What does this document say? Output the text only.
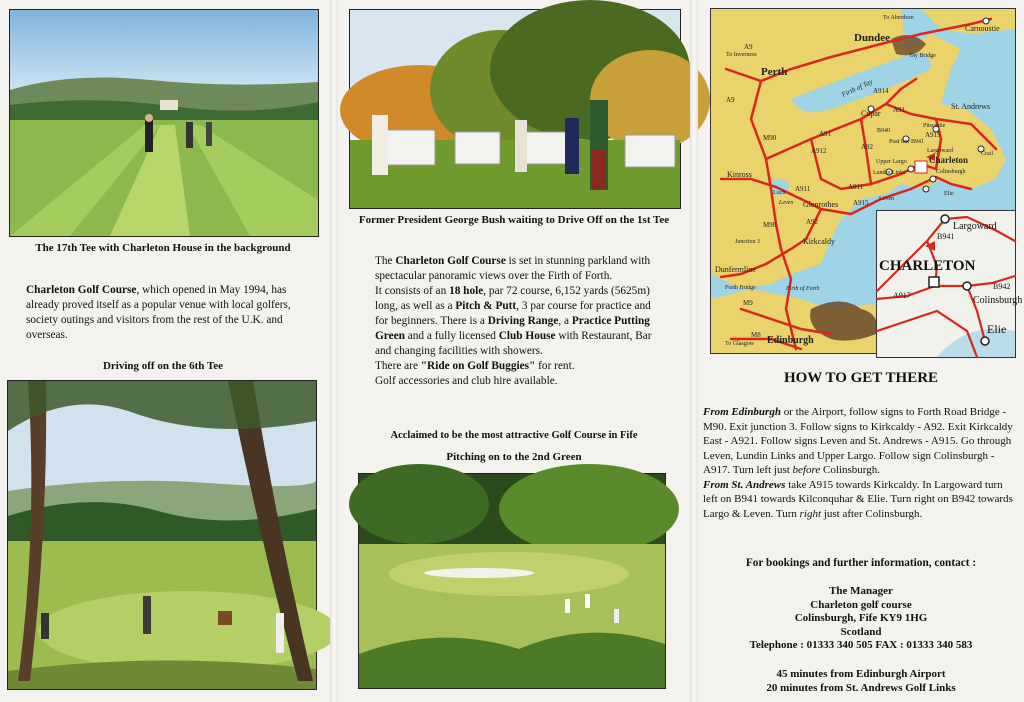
The 17th Tee with Charleton House in the background
Charleton Golf Course, which opened in May 1994, has already proved itself as a popular venue with local golfers, society outings and visitors from the rest of the U.K. and overseas.
Driving off on the 6th Tee
Former President George Bush waiting to Drive Off on the 1st Tee
The Charleton Golf Course is set in stunning parkland with spectacular panoramic views over the Firth of Forth.
It consists of an 18 hole, par 72 course, 6,152 yards (5625m) long, as well as a Pitch & Putt, 3 par course for practice and for beginners. There is a Driving Range, a Practice Putting Green and a fully licensed Club House with Restaurant, Bar and changing facilities with showers.
There are "Ride on Golf Buggies" for rent.
Golf accessories and club hire available.
Acclaimed to be the most attractive Golf Course in Fife
Pitching on to the 2nd Green
To Aberdeen
Carnoustie
Dundee
A9
To Inverness	Tay Bridge
Perth
Firth of Tay
A9
A914
St. Andrews
Cupar A91
B940
Pitscottie
A915
M90	A91
Peat Inn B941
A912	A92	Largoward	Crail
Upper Largo Charleton
Kinross	Lundin Links	Colinsburgh
Loch A911	A911
Leven
Leven
Elie
Glenrothes A915
M90	A92
Junction 3	Kirkcaldy
Dunfermline
Forth Bridge	Firth of Forth
M9
M8
To Glasgow Edinburgh
Largoward
B941
CHARLETON
A917
B942
Colinsburgh
Elie
HOW TO GET THERE
From Edinburgh or the Airport, follow signs to Forth Road Bridge - M90. Exit junction 3. Follow signs to Kirkcaldy - A92. Exit Kirkcaldy East - A921. Follow signs Leven and St. Andrews - A915. Go through Leven, Lundin Links and Upper Largo. Follow sign Colinsburgh - A917. Turn left just before Colinsburgh.
From St. Andrews take A915 towards Kirkcaldy. In Largoward turn left on B941 towards Kilconquhar & Elie. Turn right on B942 towards Largo & Leven. Turn right just after Colinsburgh.
For bookings and further information, contact :
The Manager
Charleton golf course
Colinsburgh, Fife KY9 1HG
Scotland
Telephone : 01333 340 505 FAX : 01333 340 583
45 minutes from Edinburgh Airport
20 minutes from St. Andrews Golf Links
